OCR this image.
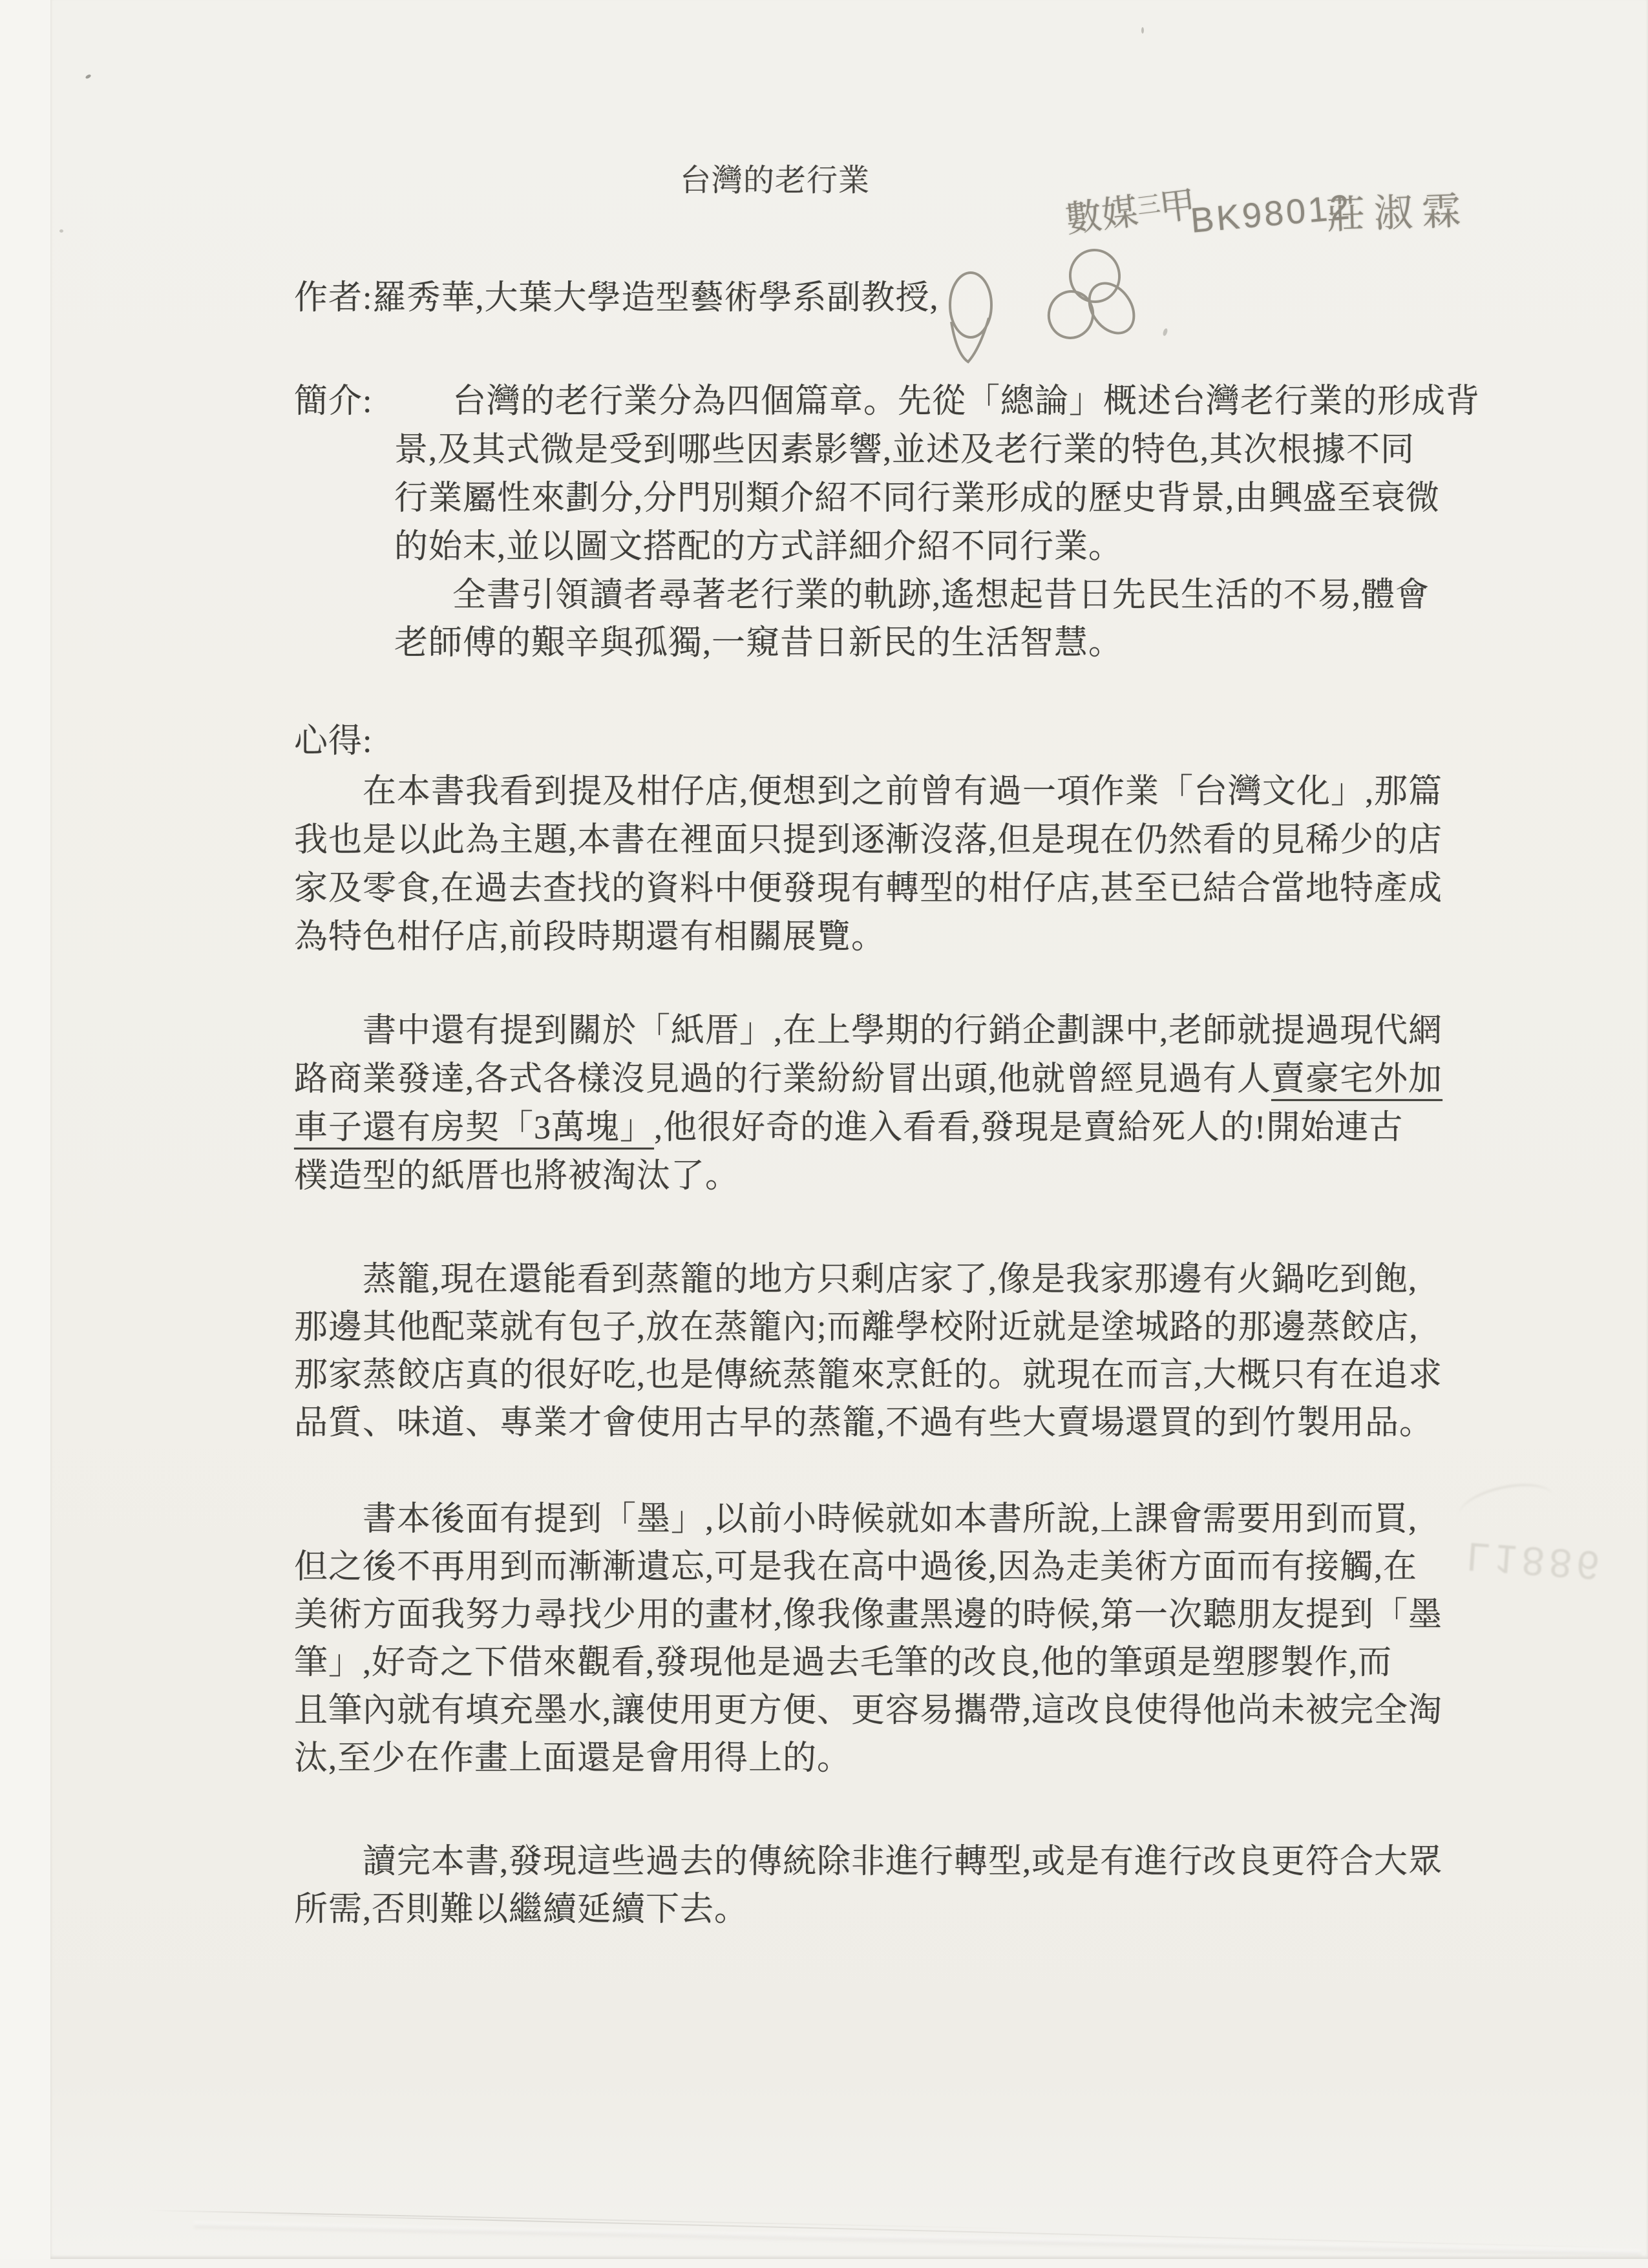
L1886
台灣的老行業
數媒$^三$甲
BK98012
莊淑霖
作者:羅秀華,大葉大學造型藝術學系副教授,
簡介: 台灣的老行業分為四個篇章。先從「總論」概述台灣老行業的形成背
景,及其式微是受到哪些因素影響,並述及老行業的特色,其次根據不同
行業屬性來劃分,分門別類介紹不同行業形成的歷史背景,由興盛至衰微
的始末,並以圖文搭配的方式詳細介紹不同行業。
全書引領讀者尋著老行業的軌跡,遙想起昔日先民生活的不易,體會
老師傅的艱辛與孤獨,一窺昔日新民的生活智慧。
心得:
在本書我看到提及柑仔店,便想到之前曾有過一項作業「台灣文化」,那篇
我也是以此為主題,本書在裡面只提到逐漸沒落,但是現在仍然看的見稀少的店
家及零食,在過去查找的資料中便發現有轉型的柑仔店,甚至已結合當地特產成
為特色柑仔店,前段時期還有相關展覽。
書中還有提到關於「紙厝」,在上學期的行銷企劃課中,老師就提過現代網
路商業發達,各式各樣沒見過的行業紛紛冒出頭,他就曾經見過有人賣豪宅外加
車子還有房契「3萬塊」,他很好奇的進入看看,發現是賣給死人的!開始連古
樸造型的紙厝也將被淘汰了。
蒸籠,現在還能看到蒸籠的地方只剩店家了,像是我家那邊有火鍋吃到飽,
那邊其他配菜就有包子,放在蒸籠內;而離學校附近就是塗城路的那邊蒸餃店,
那家蒸餃店真的很好吃,也是傳統蒸籠來烹飪的。就現在而言,大概只有在追求
品質、味道、專業才會使用古早的蒸籠,不過有些大賣場還買的到竹製用品。
書本後面有提到「墨」,以前小時候就如本書所說,上課會需要用到而買,
但之後不再用到而漸漸遺忘,可是我在高中過後,因為走美術方面而有接觸,在
美術方面我努力尋找少用的畫材,像我像畫黑邊的時候,第一次聽朋友提到「墨
筆」,好奇之下借來觀看,發現他是過去毛筆的改良,他的筆頭是塑膠製作,而
且筆內就有填充墨水,讓使用更方便、更容易攜帶,這改良使得他尚未被完全淘
汰,至少在作畫上面還是會用得上的。
讀完本書,發現這些過去的傳統除非進行轉型,或是有進行改良更符合大眾
所需,否則難以繼續延續下去。
